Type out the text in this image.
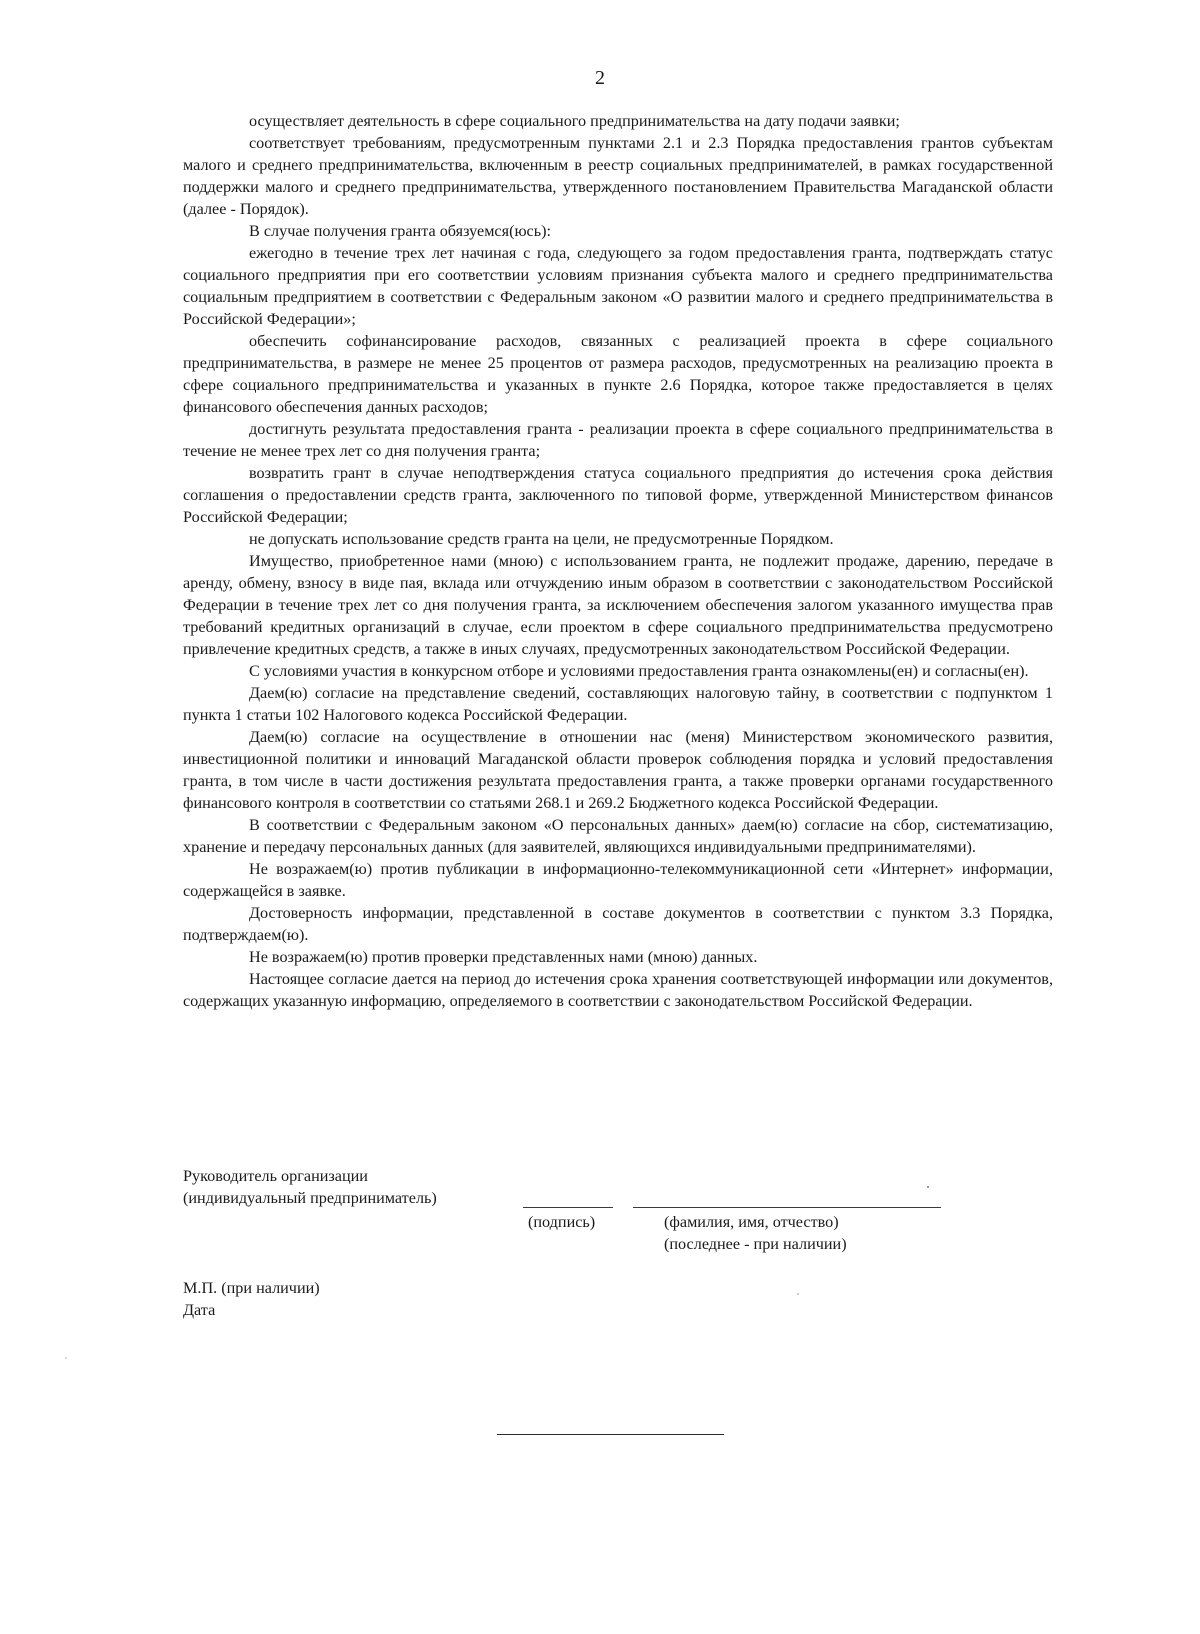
2

осуществляет деятельность в сфере социального предпринимательства на дату подачи заявки;

соответствует требованиям, предусмотренным пунктами 2.1 и 2.3 Порядка предоставления грантов субъектам малого и среднего предпринимательства, включенным в реестр социальных предпринимателей, в рамках государственной поддержки малого и среднего предпринимательства, утвержденного постановлением Правительства Магаданской области (далее - Порядок).

В случае получения гранта обязуемся(юсь):

ежегодно в течение трех лет начиная с года, следующего за годом предоставления гранта, подтверждать статус социального предприятия при его соответствии условиям признания субъекта малого и среднего предпринимательства социальным предприятием в соответствии с Федеральным законом «О развитии малого и среднего предпринимательства в Российской Федерации»;

обеспечить софинансирование расходов, связанных с реализацией проекта в сфере социального предпринимательства, в размере не менее 25 процентов от размера расходов, предусмотренных на реализацию проекта в сфере социального предпринимательства и указанных в пункте 2.6 Порядка, которое также предоставляется в целях финансового обеспечения данных расходов;

достигнуть результата предоставления гранта - реализации проекта в сфере социального предпринимательства в течение не менее трех лет со дня получения гранта;

возвратить грант в случае неподтверждения статуса социального предприятия до истечения срока действия соглашения о предоставлении средств гранта, заключенного по типовой форме, утвержденной Министерством финансов Российской Федерации;

не допускать использование средств гранта на цели, не предусмотренные Порядком.

Имущество, приобретенное нами (мною) с использованием гранта, не подлежит продаже, дарению, передаче в аренду, обмену, взносу в виде пая, вклада или отчуждению иным образом в соответствии с законодательством Российской Федерации в течение трех лет со дня получения гранта, за исключением обеспечения залогом указанного имущества прав требований кредитных организаций в случае, если проектом в сфере социального предпринимательства предусмотрено привлечение кредитных средств, а также в иных случаях, предусмотренных законодательством Российской Федерации.

С условиями участия в конкурсном отборе и условиями предоставления гранта ознакомлены(ен) и согласны(ен).

Даем(ю) согласие на представление сведений, составляющих налоговую тайну, в соответствии с подпунктом 1 пункта 1 статьи 102 Налогового кодекса Российской Федерации.

Даем(ю) согласие на осуществление в отношении нас (меня) Министерством экономического развития, инвестиционной политики и инноваций Магаданской области проверок соблюдения порядка и условий предоставления гранта, в том числе в части достижения результата предоставления гранта, а также проверки органами государственного финансового контроля в соответствии со статьями 268.1 и 269.2 Бюджетного кодекса Российской Федерации.

В соответствии с Федеральным законом «О персональных данных» даем(ю) согласие на сбор, систематизацию, хранение и передачу персональных данных (для заявителей, являющихся индивидуальными предпринимателями).

Не возражаем(ю) против публикации в информационно-телекоммуникационной сети «Интернет» информации, содержащейся в заявке.

Достоверность информации, представленной в составе документов в соответствии с пунктом 3.3 Порядка, подтверждаем(ю).

Не возражаем(ю) против проверки представленных нами (мною) данных.

Настоящее согласие дается на период до истечения срока хранения соответствующей информации или документов, содержащих указанную информацию, определяемого в соответствии с законодательством Российской Федерации.

Руководитель организации
(индивидуальный предприниматель)
(подпись)	(фамилия, имя, отчество)
(последнее - при наличии)
М.П. (при наличии)
Дата
